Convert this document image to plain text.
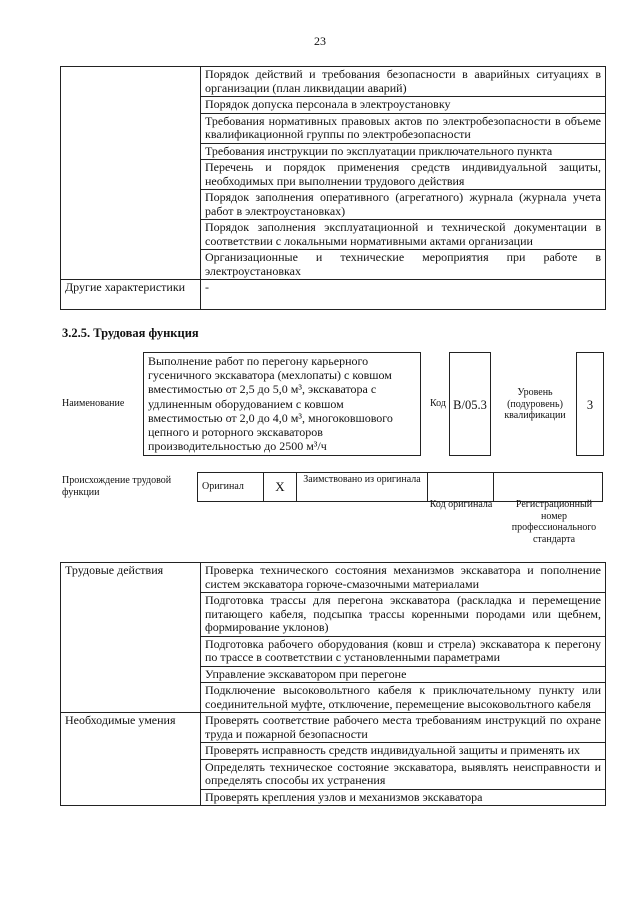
23
	Порядок действий и требования безопасности в аварийных ситуациях в организации (план ликвидации аварий)
	Порядок допуска персонала в электроустановку
	Требования нормативных правовых актов по электробезопасности в объеме квалификационной группы по электробезопасности
	Требования инструкции по эксплуатации приключательного пункта
	Перечень и порядок применения средств индивидуальной защиты, необходимых при выполнении трудового действия
	Порядок заполнения оперативного (агрегатного) журнала (журнала учета работ в электроустановках)
	Порядок заполнения эксплуатационной и технической документации в соответствии с локальными нормативными актами организации
	Организационные и технические мероприятия при работе в электроустановках
Другие характеристики	-
3.2.5. Трудовая функция
Наименование
Выполнение работ по перегону карьерного гусеничного экскаватора (мехлопаты) с ковшом вместимостью от 2,5 до 5,0 м³, экскаватора с удлиненным оборудованием с ковшом вместимостью от 2,0 до 4,0 м³, многоковшового цепного и роторного экскаваторов производительностью до 2500 м³/ч
Код B/05.3
Уровень (подуровень) квалификации
3
Происхождение трудовой функции	Оригинал	X	Заимствовано из оригинала		
Код оригинала	Регистрационный номер профессионального стандарта
Трудовые действия	Проверка технического состояния механизмов экскаватора и пополнение систем экскаватора горюче-смазочными материалами
	Подготовка трассы для перегона экскаватора (раскладка и перемещение питающего кабеля, подсыпка трассы коренными породами или щебнем, формирование уклонов)
	Подготовка рабочего оборудования (ковш и стрела) экскаватора к перегону по трассе в соответствии с установленными параметрами
	Управление экскаватором при перегоне
	Подключение высоковольтного кабеля к приключательному пункту или соединительной муфте, отключение, перемещение высоковольтного кабеля
Необходимые умения	Проверять соответствие рабочего места требованиям инструкций по охране труда и пожарной безопасности
	Проверять исправность средств индивидуальной защиты и применять их
	Определять техническое состояние экскаватора, выявлять неисправности и определять способы их устранения
	Проверять крепления узлов и механизмов экскаватора
